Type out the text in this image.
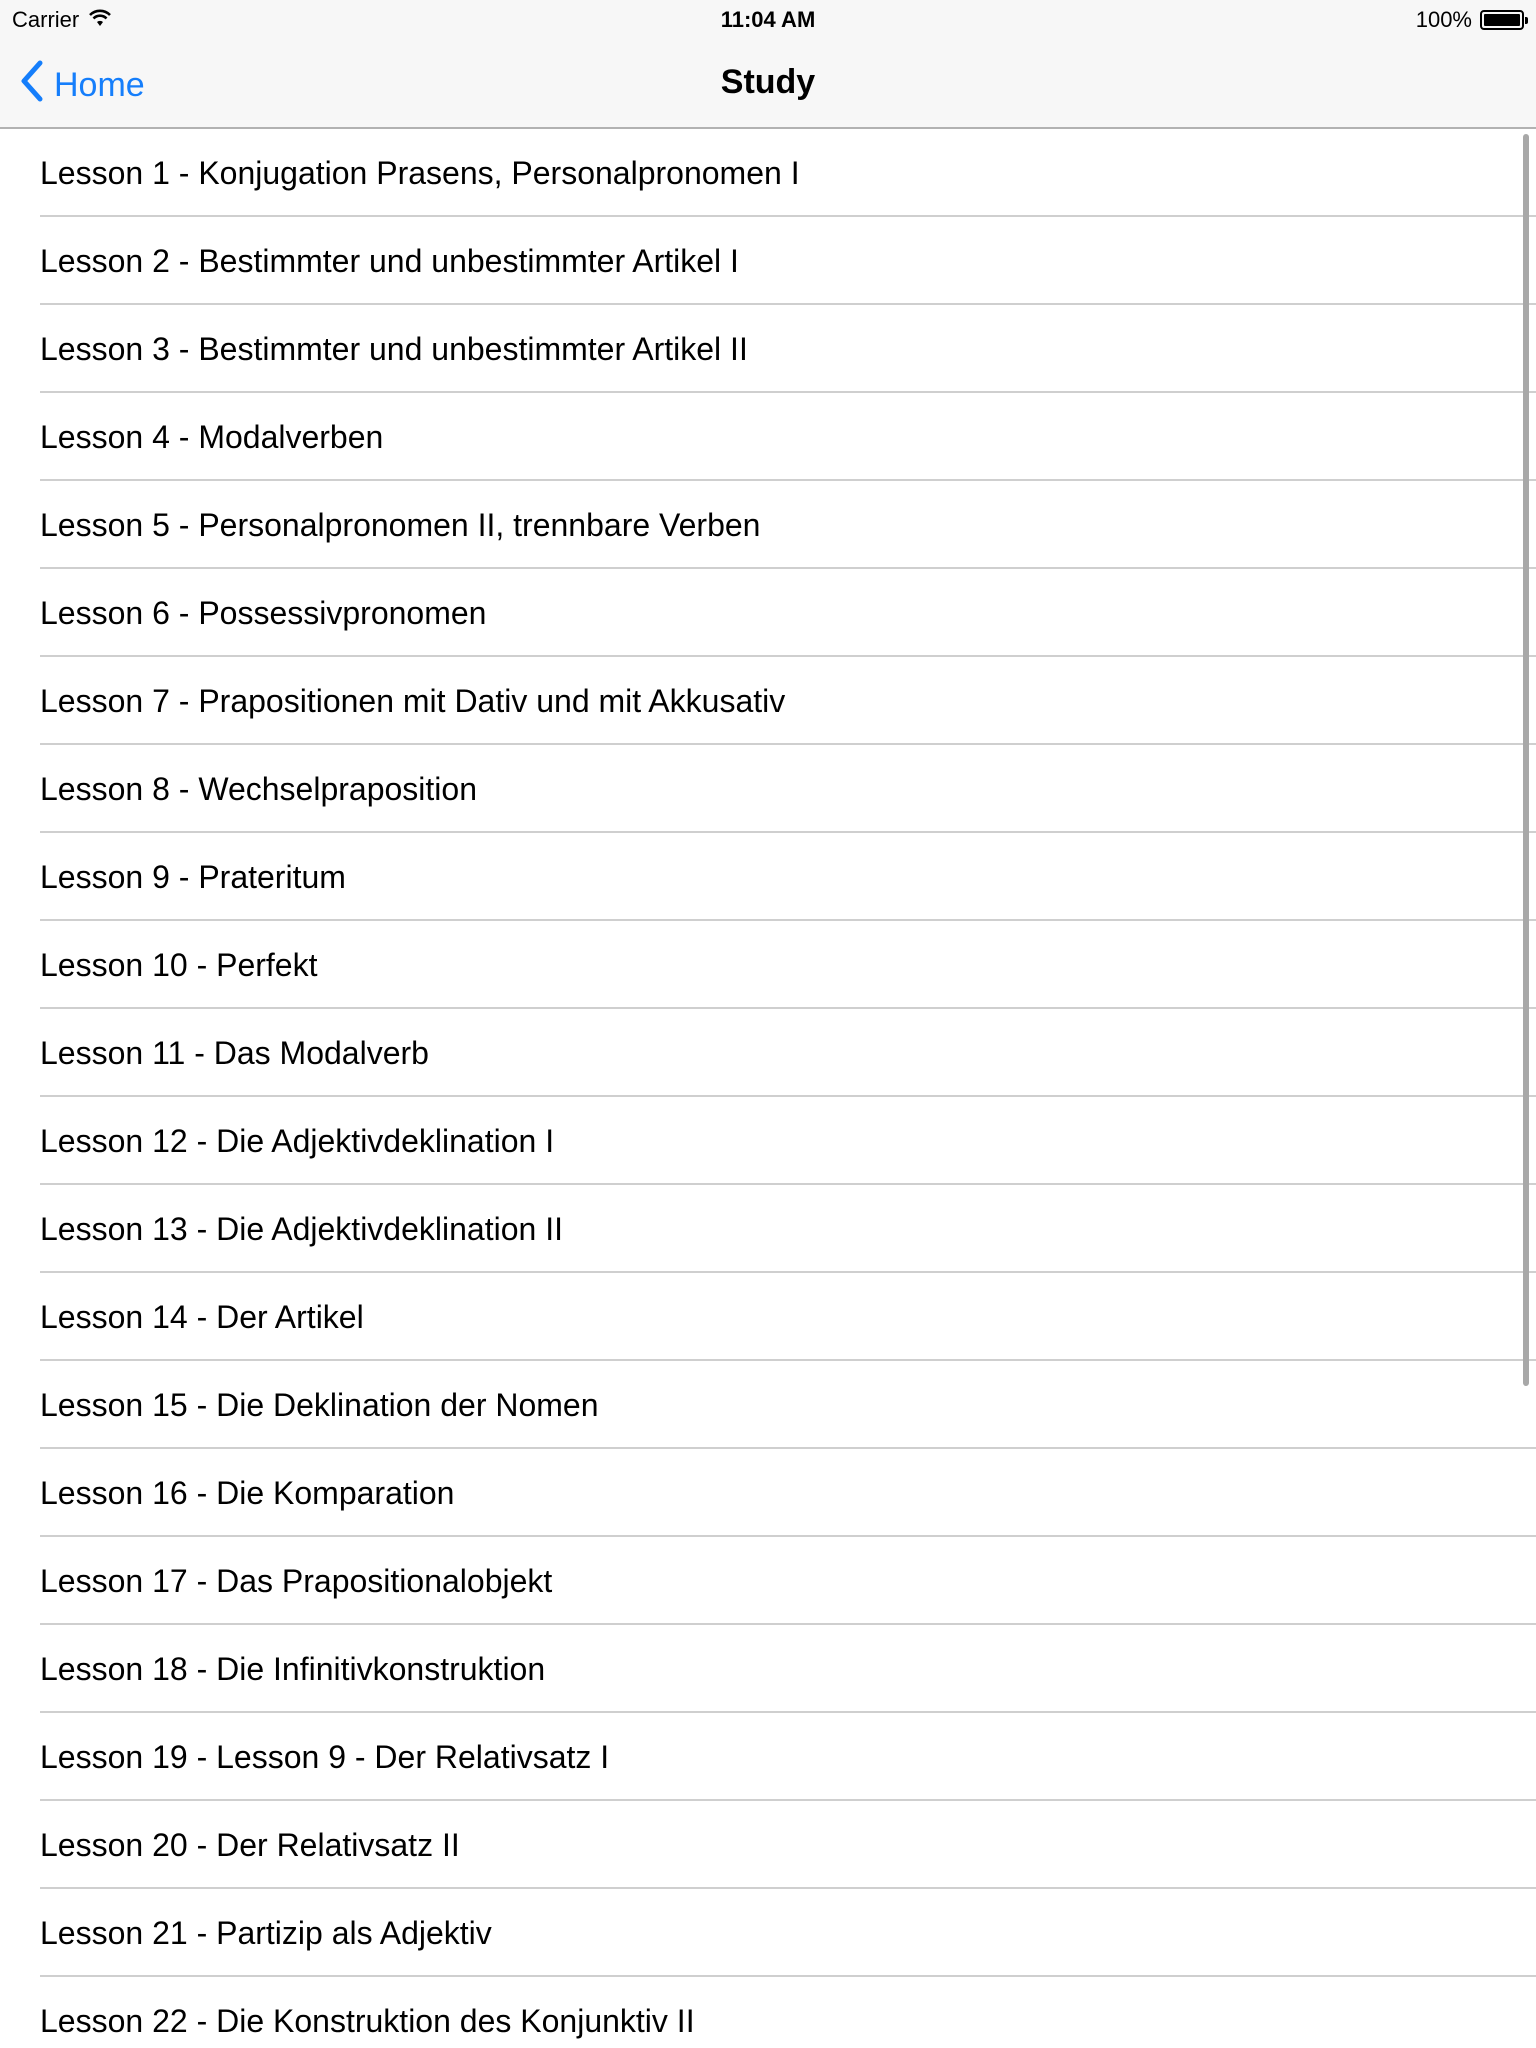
Carrier	11:04 AM	100%
Home	Study
Lesson 1 - Konjugation Prasens, Personalpronomen I
Lesson 2 - Bestimmter und unbestimmter Artikel I
Lesson 3 - Bestimmter und unbestimmter Artikel II
Lesson 4 - Modalverben
Lesson 5 - Personalpronomen II, trennbare Verben
Lesson 6 - Possessivpronomen
Lesson 7 - Prapositionen mit Dativ und mit Akkusativ
Lesson 8 - Wechselpraposition
Lesson 9 - Prateritum
Lesson 10 - Perfekt
Lesson 11 - Das Modalverb
Lesson 12 - Die Adjektivdeklination I
Lesson 13 - Die Adjektivdeklination II
Lesson 14 - Der Artikel
Lesson 15 - Die Deklination der Nomen
Lesson 16 - Die Komparation
Lesson 17 - Das Prapositionalobjekt
Lesson 18 - Die Infinitivkonstruktion
Lesson 19 - Lesson 9 - Der Relativsatz I
Lesson 20 - Der Relativsatz II
Lesson 21 - Partizip als Adjektiv
Lesson 22 - Die Konstruktion des Konjunktiv II
